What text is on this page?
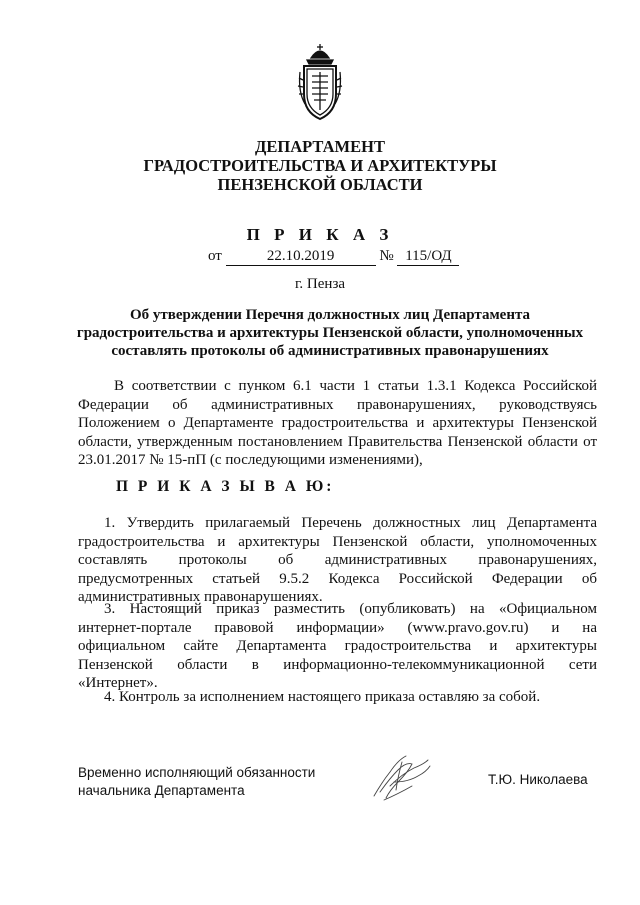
ДЕПАРТАМЕНТ
ГРАДОСТРОИТЕЛЬСТВА И АРХИТЕКТУРЫ
ПЕНЗЕНСКОЙ ОБЛАСТИ
П Р И К А З
от	22.10.2019	№ 115/ОД
г. Пенза
Об утверждении Перечня должностных лиц Департамента
градостроительства и архитектуры Пензенской области, уполномоченных
составлять протоколы об административных правонарушениях
В соответствии с пунком 6.1 части 1 статьи 1.3.1 Кодекса Российской
Федерации об административных правонарушениях, руководствуясь
Положением о Департаменте градостроительства и архитектуры Пензенской
области, утвержденным постановлением Правительства Пензенской области от
23.01.2017 № 15-пП (с последующими изменениями),
П Р И К А З Ы В А Ю:
1. Утвердить прилагаемый Перечень должностных лиц Департамента
градостроительства и архитектуры Пензенской области, уполномоченных
составлять протоколы об административных правонарушениях,
предусмотренных статьей 9.5.2 Кодекса Российской Федерации об
административных правонарушениях.
3. Настоящий приказ разместить (опубликовать) на «Официальном
интернет-портале правовой информации» (www.pravo.gov.ru) и на
официальном сайте Департамента градостроительства и архитектуры
Пензенской области в информационно-телекоммуникационной сети
«Интернет».
4. Контроль за исполнением настоящего приказа оставляю за собой.
Временно исполняющий обязанности
начальника Департамента
Т.Ю. Николаева
